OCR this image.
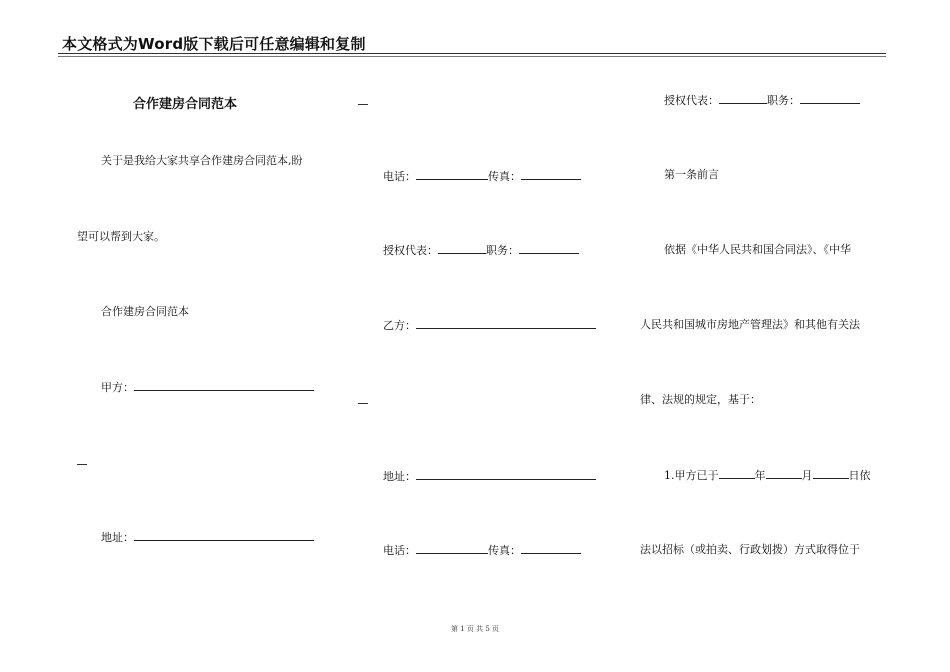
本文格式为Word版下载后可任意编辑和复制
合作建房合同范本
关于是我给大家共享合作建房合同范本,盼
望可以帮到大家。
合作建房合同范本
甲方：
地址：
电话：	传真：
授权代表：	职务：
乙方：
地址：
电话：	传真：
授权代表：	职务：
第一条前言
依据《中华人民共和国合同法》、《中华
人民共和国城市房地产管理法》和其他有关法
律、法规的规定，基于：
1.甲方已于	年	月	日依
法以招标（或拍卖、行政划拨）方式取得位于
第 1 页 共 5 页
